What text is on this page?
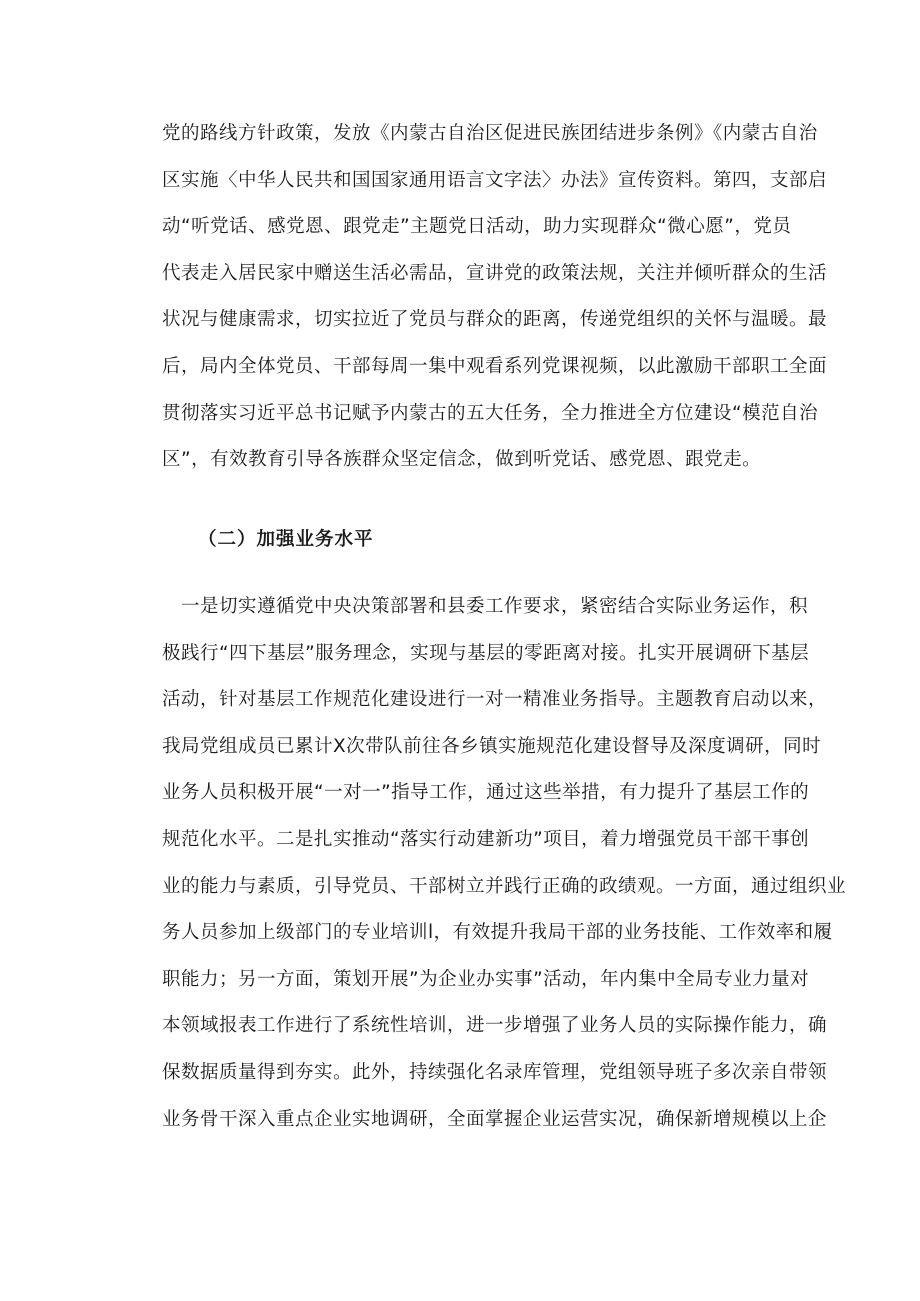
党的路线方针政策，发放《内蒙古自治区促进民族团结进步条例》《内蒙古自治
区实施〈中华人民共和国国家通用语言文字法〉办法》宣传资料。第四，支部启
动“听党话、感党恩、跟党走”主题党日活动，助力实现群众“微心愿”，党员
代表走入居民家中赠送生活必需品，宣讲党的政策法规，关注并倾听群众的生活
状况与健康需求，切实拉近了党员与群众的距离，传递党组织的关怀与温暖。最
后，局内全体党员、干部每周一集中观看系列党课视频，以此激励干部职工全面
贯彻落实习近平总书记赋予内蒙古的五大任务，全力推进全方位建设“模范自治
区”，有效教育引导各族群众坚定信念，做到听党话、感党恩、跟党走。
（二）加强业务水平
　一是切实遵循党中央决策部署和县委工作要求，紧密结合实际业务运作，积
极践行“四下基层”服务理念，实现与基层的零距离对接。扎实开展调研下基层
活动，针对基层工作规范化建设进行一对一精准业务指导。主题教育启动以来，
我局党组成员已累计X次带队前往各乡镇实施规范化建设督导及深度调研，同时
业务人员积极开展“一对一”指导工作，通过这些举措，有力提升了基层工作的
规范化水平。二是扎实推动“落实行动建新功”项目，着力增强党员干部干事创
业的能力与素质，引导党员、干部树立并践行正确的政绩观。一方面，通过组织业
务人员参加上级部门的专业培训l，有效提升我局干部的业务技能、工作效率和履
职能力；另一方面，策划开展”为企业办实事”活动，年内集中全局专业力量对
本领域报表工作进行了系统性培训，进一步增强了业务人员的实际操作能力，确
保数据质量得到夯实。此外，持续强化名录库管理，党组领导班子多次亲自带领
业务骨干深入重点企业实地调研，全面掌握企业运营实况，确保新增规模以上企
